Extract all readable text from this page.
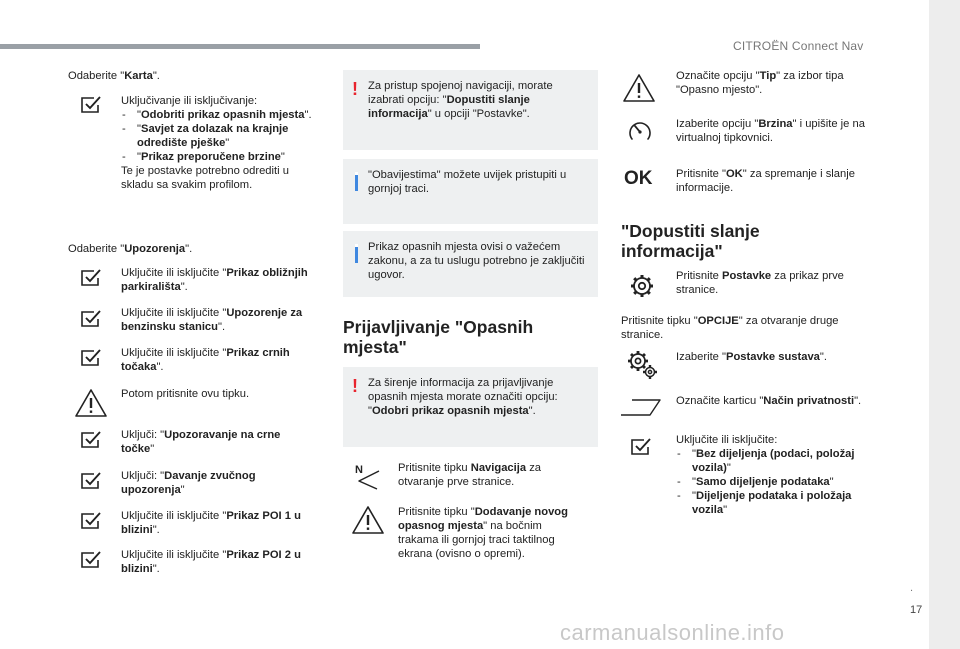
CITROËN Connect Nav
.
17
carmanualsonline.info
Odaberite "Karta".
Uključivanje ili isključivanje:
- "Odobriti prikaz opasnih mjesta".
- "Savjet za dolazak na krajnje odredište pješke"
- "Prikaz preporučene brzine"
Te je postavke potrebno odrediti u skladu sa svakim profilom.
Odaberite "Upozorenja".
Uključite ili isključite "Prikaz obližnjih parkirališta".
Uključite ili isključite "Upozorenje za benzinsku stanicu".
Uključite ili isključite "Prikaz crnih točaka".
Potom pritisnite ovu tipku.
Uključi: "Upozoravanje na crne točke"
Uključi: "Davanje zvučnog upozorenja"
Uključite ili isključite "Prikaz POI 1 u blizini".
Uključite ili isključite "Prikaz POI 2 u blizini".
! Za pristup spojenoj navigaciji, morate izabrati opciju: "Dopustiti slanje informacija" u opciji "Postavke".
"Obavijestima" možete uvijek pristupiti u gornjoj traci.
Prikaz opasnih mjesta ovisi o važećem zakonu, a za tu uslugu potrebno je zaključiti ugovor.
Prijavljivanje "Opasnih mjesta"
! Za širenje informacija za prijavljivanje opasnih mjesta morate označiti opciju: "Odobri prikaz opasnih mjesta".
N	Pritisnite tipku Navigacija za otvaranje prve stranice.
Pritisnite tipku "Dodavanje novog opasnog mjesta" na bočnim trakama ili gornjoj traci taktilnog ekrana (ovisno o opremi).
Označite opciju "Tip" za izbor tipa "Opasno mjesto".
Izaberite opciju "Brzina" i upišite je na virtualnoj tipkovnici.
OK Pritisnite "OK" za spremanje i slanje informacije.
"Dopustiti slanje informacija"
Pritisnite Postavke za prikaz prve stranice.
Pritisnite tipku "OPCIJE" za otvaranje druge stranice.
Izaberite "Postavke sustava".
Označite karticu "Način privatnosti".
Uključite ili isključite:
- "Bez dijeljenja (podaci, položaj vozila)"
- "Samo dijeljenje podataka"
- "Dijeljenje podataka i položaja vozila"
